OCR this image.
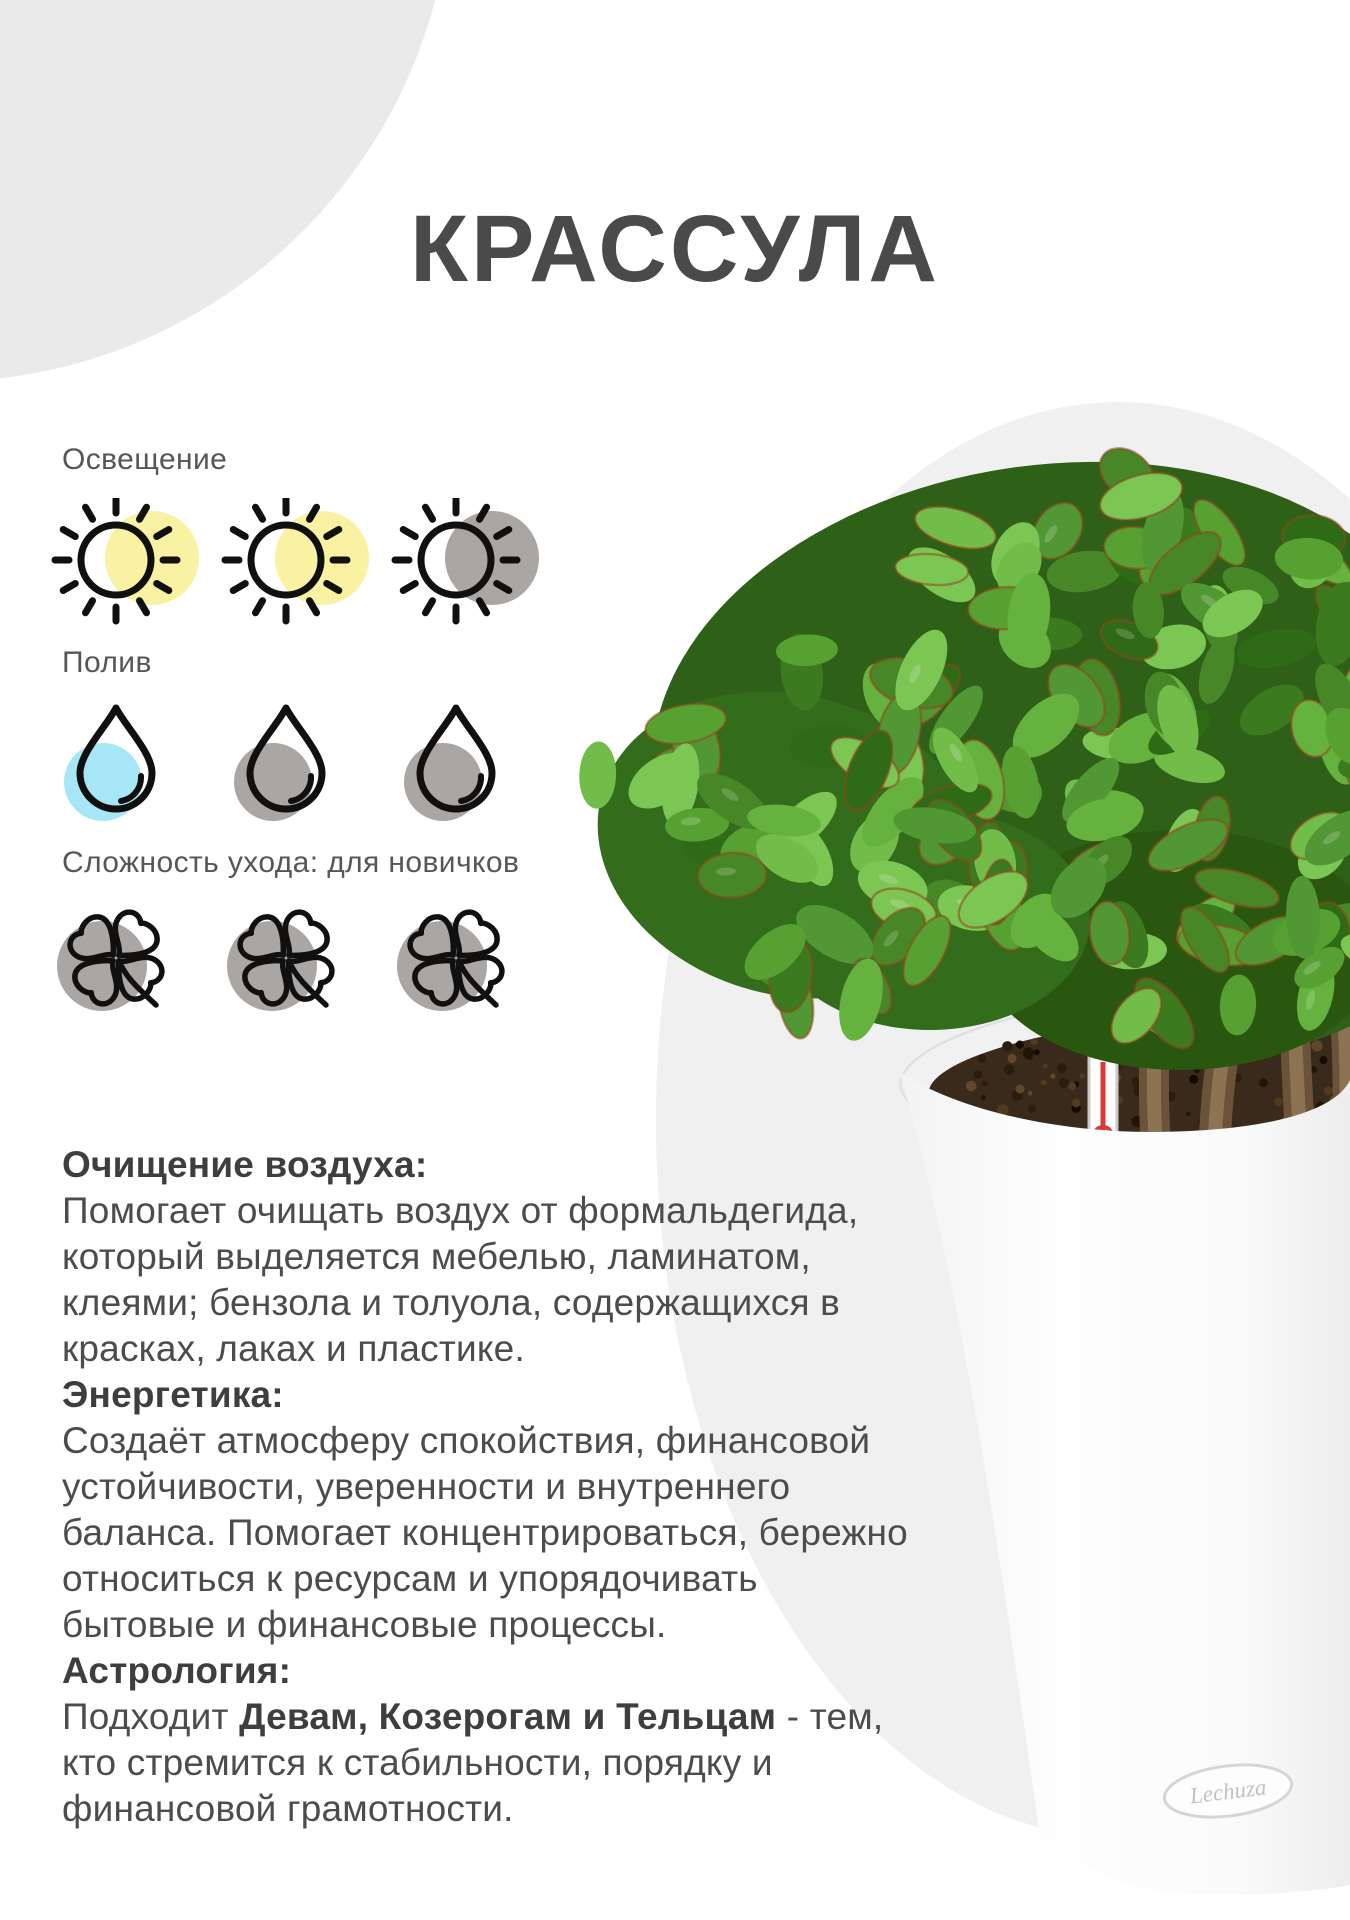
Lechuza
КРАССУЛА
Освещение
Полив
Сложность ухода: для новичков

Очищение воздуха:
Помогает очищать воздух от формальдегида, который выделяется мебелью, ламинатом, клеями; бензола и толуола, содержащихся в красках, лаках и пластике.

Энергетика:
Создаёт атмосферу спокойствия, финансовой устойчивости, уверенности и внутреннего баланса. Помогает концентрироваться, бережно относиться к ресурсам и упорядочивать бытовые и финансовые процессы.

Астрология:
Подходит Девам, Козерогам и Тельцам - тем, кто стремится к стабильности, порядку и финансовой грамотности.
